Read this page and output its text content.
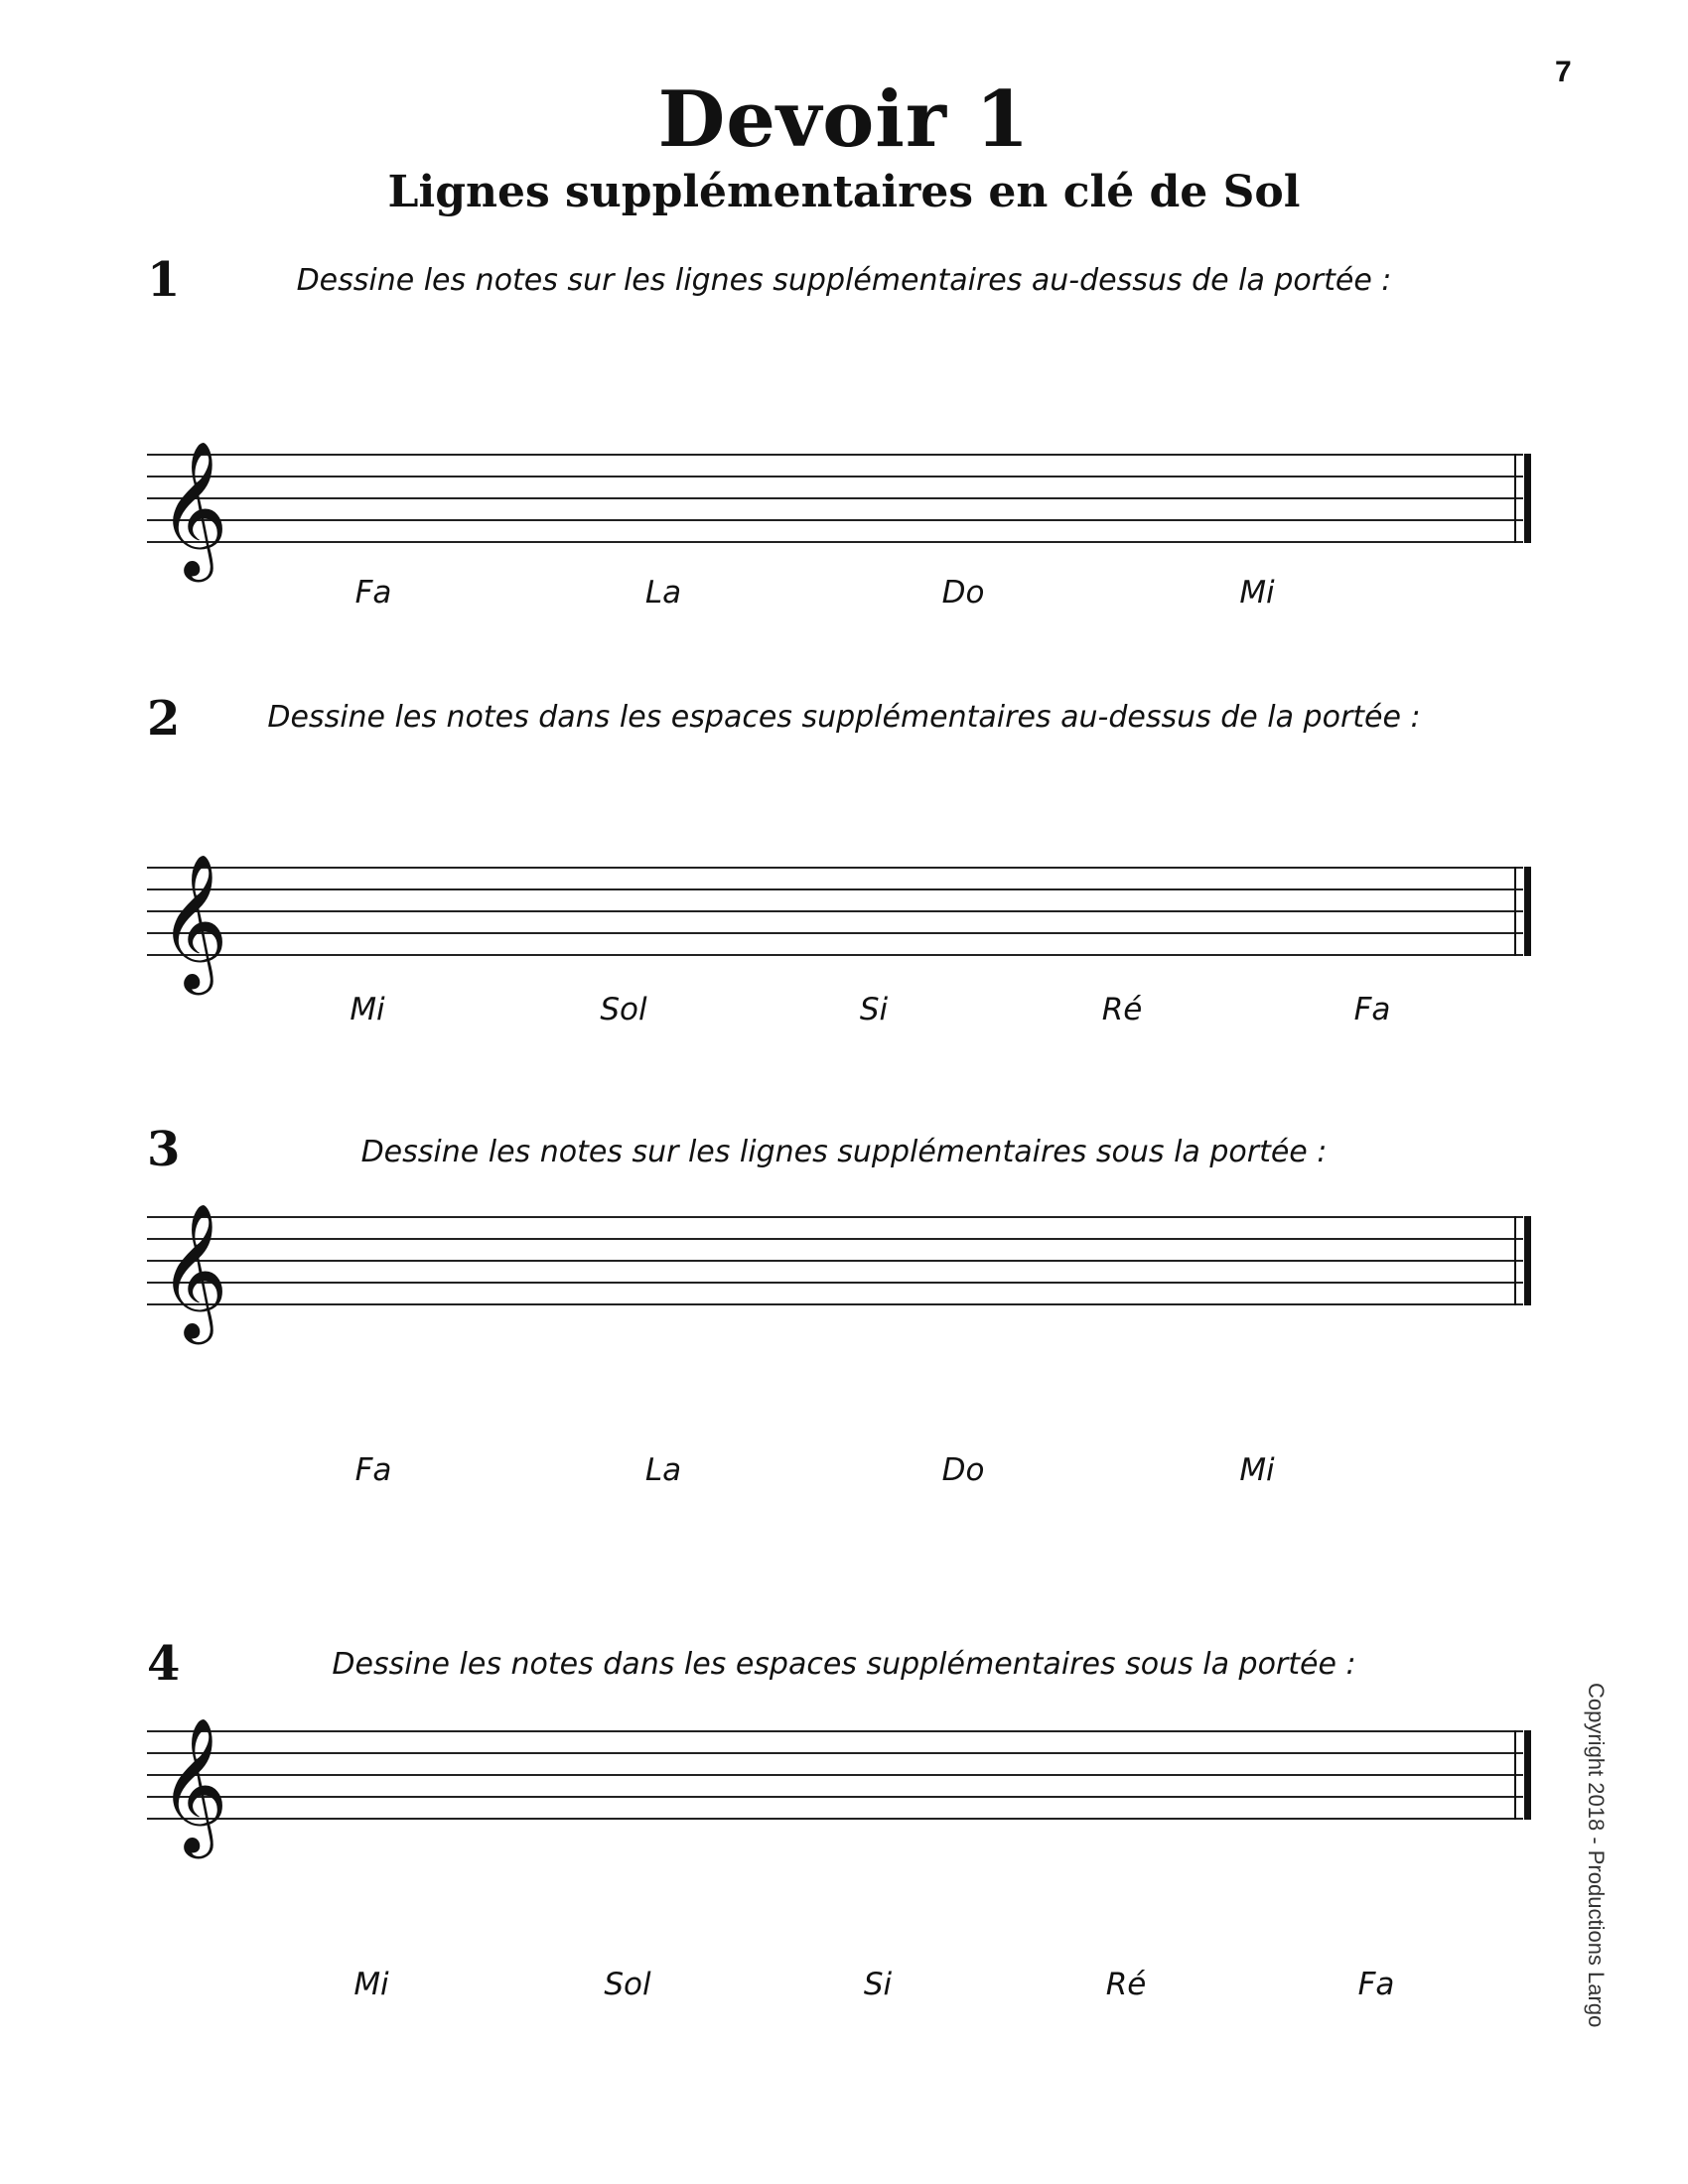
7
Devoir 1
Lignes supplémentaires en clé de Sol
1	Dessine les notes sur les lignes supplémentaires au-dessus de la portée :
𝄞
Fa	La	Do	Mi
2	Dessine les notes dans les espaces supplémentaires au-dessus de la portée :
𝄞
Mi	Sol	Si	Ré	Fa
3	Dessine les notes sur les lignes supplémentaires sous la portée :
𝄞
Fa	La	Do	Mi
4	Dessine les notes dans les espaces supplémentaires sous la portée :
𝄞
Mi	Sol	Si	Ré	Fa	Copyright 2018 - Productions Largo
